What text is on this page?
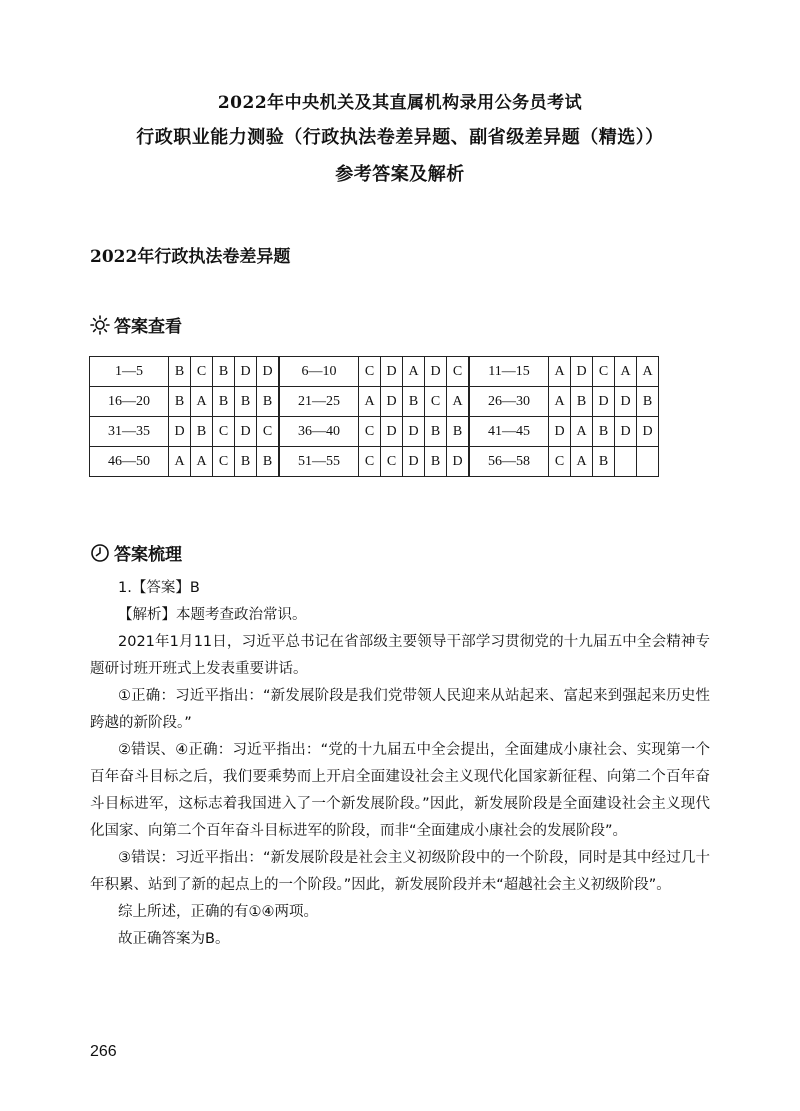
2022年中央机关及其直属机构录用公务员考试
行政职业能力测验（行政执法卷差异题、副省级差异题（精选））
参考答案及解析
2022年行政执法卷差异题
答案查看
1—5	B	C	B	D	D	6—10	C	D	A	D	C	11—15	A	D	C	A	A
16—20	B	A	B	B	B	21—25	A	D	B	C	A	26—30	A	B	D	D	B
31—35	D	B	C	D	C	36—40	C	D	D	B	B	41—45	D	A	B	D	D
46—50	A	A	C	B	B	51—55	C	C	D	B	D	56—58	C	A	B		
答案梳理

1.【答案】B

【解析】本题考查政治常识。

2021年1月11日，习近平总书记在省部级主要领导干部学习贯彻党的十九届五中全会精神专题研讨班开班式上发表重要讲话。

①正确：习近平指出：“新发展阶段是我们党带领人民迎来从站起来、富起来到强起来历史性跨越的新阶段。”

②错误、④正确：习近平指出：“党的十九届五中全会提出，全面建成小康社会、实现第一个百年奋斗目标之后，我们要乘势而上开启全面建设社会主义现代化国家新征程、向第二个百年奋斗目标进军，这标志着我国进入了一个新发展阶段。”因此，新发展阶段是全面建设社会主义现代化国家、向第二个百年奋斗目标进军的阶段，而非“全面建成小康社会的发展阶段”。

③错误：习近平指出：“新发展阶段是社会主义初级阶段中的一个阶段，同时是其中经过几十年积累、站到了新的起点上的一个阶段。”因此，新发展阶段并未“超越社会主义初级阶段”。

综上所述，正确的有①④两项。

故正确答案为B。

266
